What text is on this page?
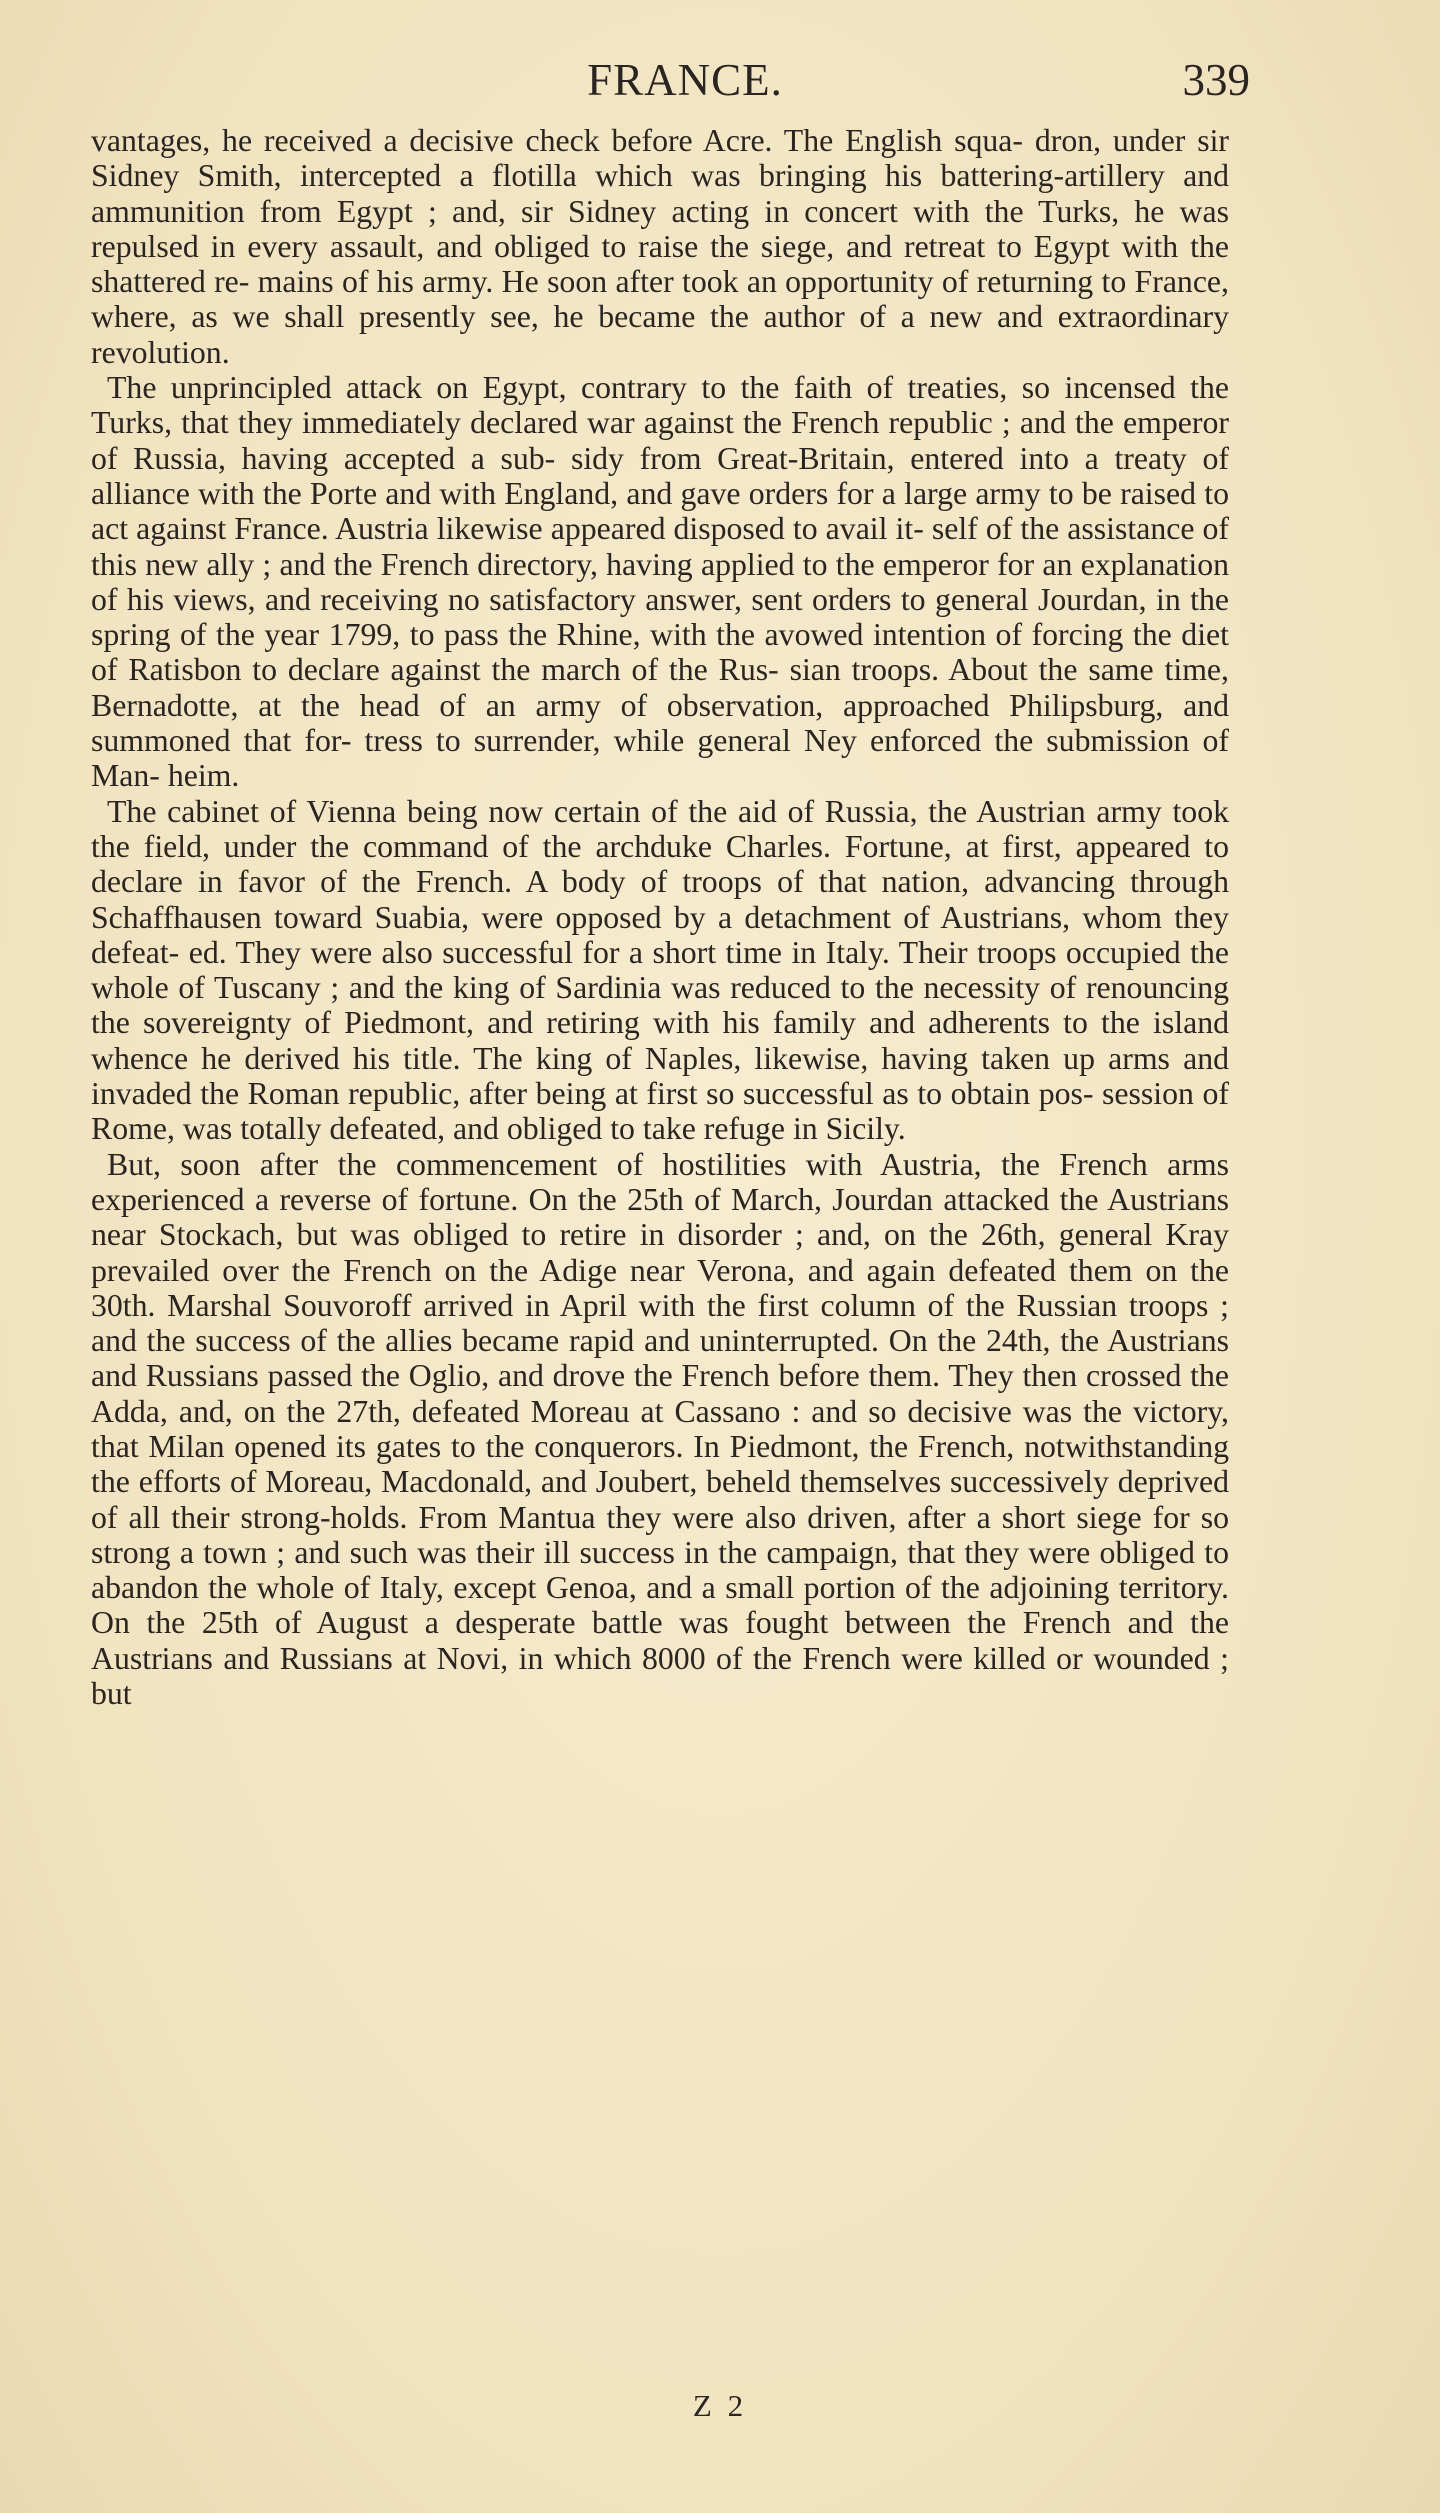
FRANCE.	339

vantages, he received a decisive check before Acre. The English squa- dron, under sir Sidney Smith, intercepted a flotilla which was bringing his battering-artillery and ammunition from Egypt ; and, sir Sidney acting in concert with the Turks, he was repulsed in every assault, and obliged to raise the siege, and retreat to Egypt with the shattered re- mains of his army. He soon after took an opportunity of returning to France, where, as we shall presently see, he became the author of a new and extraordinary revolution.

The unprincipled attack on Egypt, contrary to the faith of treaties, so incensed the Turks, that they immediately declared war against the French republic ; and the emperor of Russia, having accepted a sub- sidy from Great-Britain, entered into a treaty of alliance with the Porte and with England, and gave orders for a large army to be raised to act against France. Austria likewise appeared disposed to avail it- self of the assistance of this new ally ; and the French directory, having applied to the emperor for an explanation of his views, and receiving no satisfactory answer, sent orders to general Jourdan, in the spring of the year 1799, to pass the Rhine, with the avowed intention of forcing the diet of Ratisbon to declare against the march of the Rus- sian troops. About the same time, Bernadotte, at the head of an army of observation, approached Philipsburg, and summoned that for- tress to surrender, while general Ney enforced the submission of Man- heim.

The cabinet of Vienna being now certain of the aid of Russia, the Austrian army took the field, under the command of the archduke Charles. Fortune, at first, appeared to declare in favor of the French. A body of troops of that nation, advancing through Schaffhausen toward Suabia, were opposed by a detachment of Austrians, whom they defeat- ed. They were also successful for a short time in Italy. Their troops occupied the whole of Tuscany ; and the king of Sardinia was reduced to the necessity of renouncing the sovereignty of Piedmont, and retiring with his family and adherents to the island whence he derived his title. The king of Naples, likewise, having taken up arms and invaded the Roman republic, after being at first so successful as to obtain pos- session of Rome, was totally defeated, and obliged to take refuge in Sicily.

But, soon after the commencement of hostilities with Austria, the French arms experienced a reverse of fortune. On the 25th of March, Jourdan attacked the Austrians near Stockach, but was obliged to retire in disorder ; and, on the 26th, general Kray prevailed over the French on the Adige near Verona, and again defeated them on the 30th. Marshal Souvoroff arrived in April with the first column of the Russian troops ; and the success of the allies became rapid and uninterrupted. On the 24th, the Austrians and Russians passed the Oglio, and drove the French before them. They then crossed the Adda, and, on the 27th, defeated Moreau at Cassano : and so decisive was the victory, that Milan opened its gates to the conquerors. In Piedmont, the French, notwithstanding the efforts of Moreau, Macdonald, and Joubert, beheld themselves successively deprived of all their strong-holds. From Mantua they were also driven, after a short siege for so strong a town ; and such was their ill success in the campaign, that they were obliged to abandon the whole of Italy, except Genoa, and a small portion of the adjoining territory. On the 25th of August a desperate battle was fought between the French and the Austrians and Russians at Novi, in which 8000 of the French were killed or wounded ; but

Z 2
